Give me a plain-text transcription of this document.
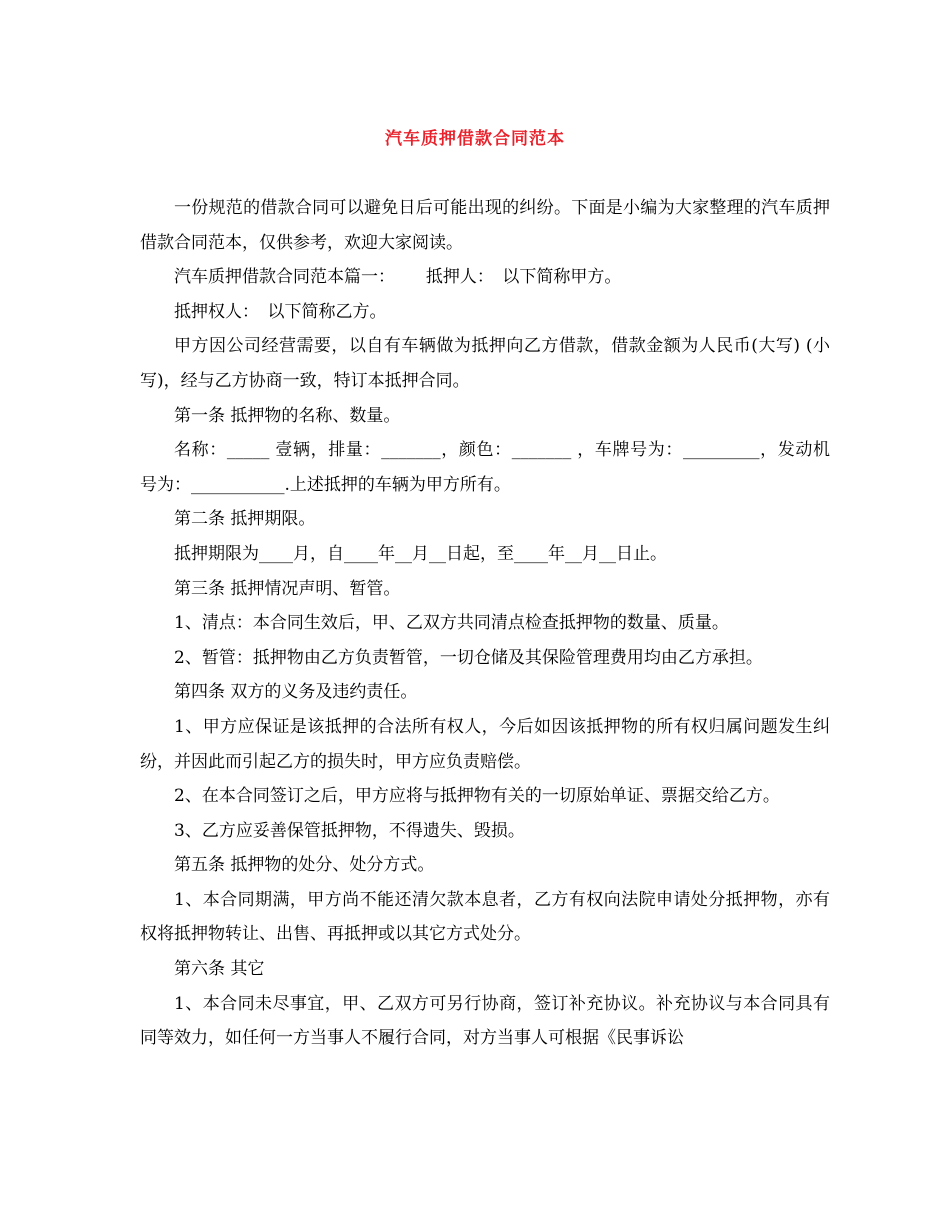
汽车质押借款合同范本

一份规范的借款合同可以避免日后可能出现的纠纷。下面是小编为大家整理的汽车质押借款合同范本，仅供参考，欢迎大家阅读。

汽车质押借款合同范本篇一：　　 抵押人：　以下简称甲方。

抵押权人：　以下简称乙方。

甲方因公司经营需要，以自有车辆做为抵押向乙方借款，借款金额为人民币(大写) (小写)，经与乙方协商一致，特订本抵押合同。

第一条 抵押物的名称、数量。

名称：_____ 壹辆，排量：_______，颜色：_______ ，车牌号为：_________，发动机号为：___________.上述抵押的车辆为甲方所有。

第二条 抵押期限。

抵押期限为____月，自____年__月__日起，至____年__月__日止。

第三条 抵押情况声明、暂管。

1、清点：本合同生效后，甲、乙双方共同清点检查抵押物的数量、质量。

2、暂管：抵押物由乙方负责暂管，一切仓储及其保险管理费用均由乙方承担。

第四条 双方的义务及违约责任。

1、甲方应保证是该抵押的合法所有权人，今后如因该抵押物的所有权归属问题发生纠纷，并因此而引起乙方的损失时，甲方应负责赔偿。

2、在本合同签订之后，甲方应将与抵押物有关的一切原始单证、票据交给乙方。

3、乙方应妥善保管抵押物，不得遗失、毁损。

第五条 抵押物的处分、处分方式。

1、本合同期满，甲方尚不能还清欠款本息者，乙方有权向法院申请处分抵押物，亦有权将抵押物转让、出售、再抵押或以其它方式处分。

第六条 其它

1、本合同未尽事宜，甲、乙双方可另行协商，签订补充协议。补充协议与本合同具有同等效力，如任何一方当事人不履行合同，对方当事人可根据《民事诉讼
